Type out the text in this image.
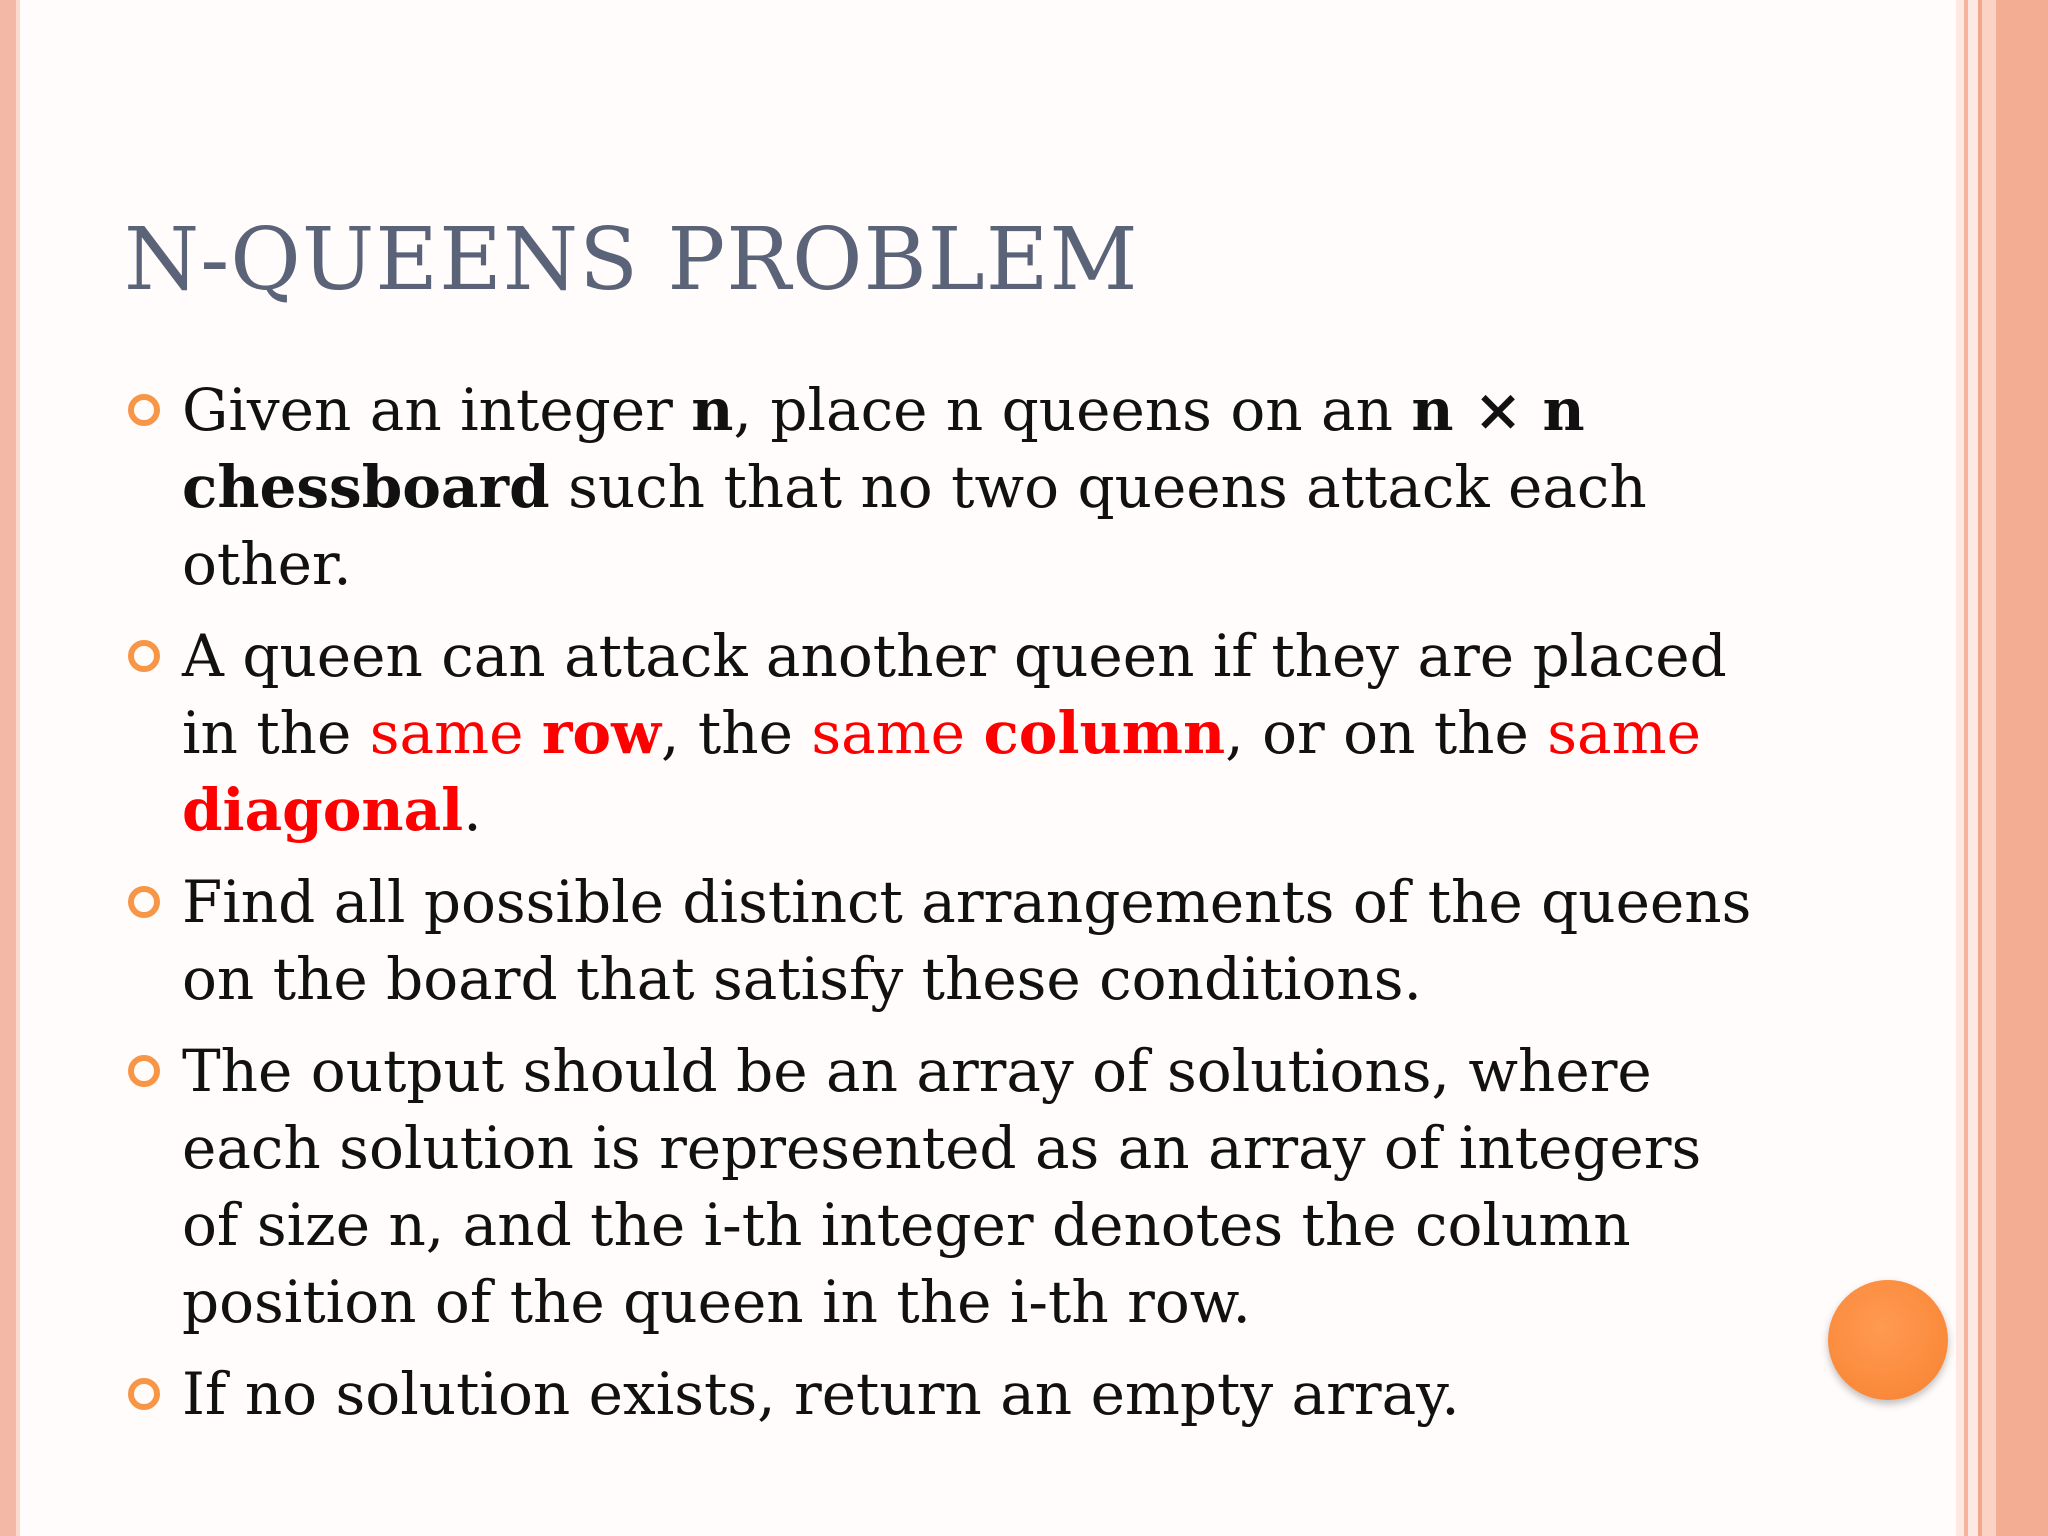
N-QUEENS PROBLEM
Given an integer n, place n queens on an n × n chessboard such that no two queens attack each other.
A queen can attack another queen if they are placed in the same row, the same column, or on the same diagonal.
Find all possible distinct arrangements of the queens on the board that satisfy these conditions.
The output should be an array of solutions, where each solution is represented as an array of integers of size n, and the i-th integer denotes the column position of the queen in the i-th row.
If no solution exists, return an empty array.
